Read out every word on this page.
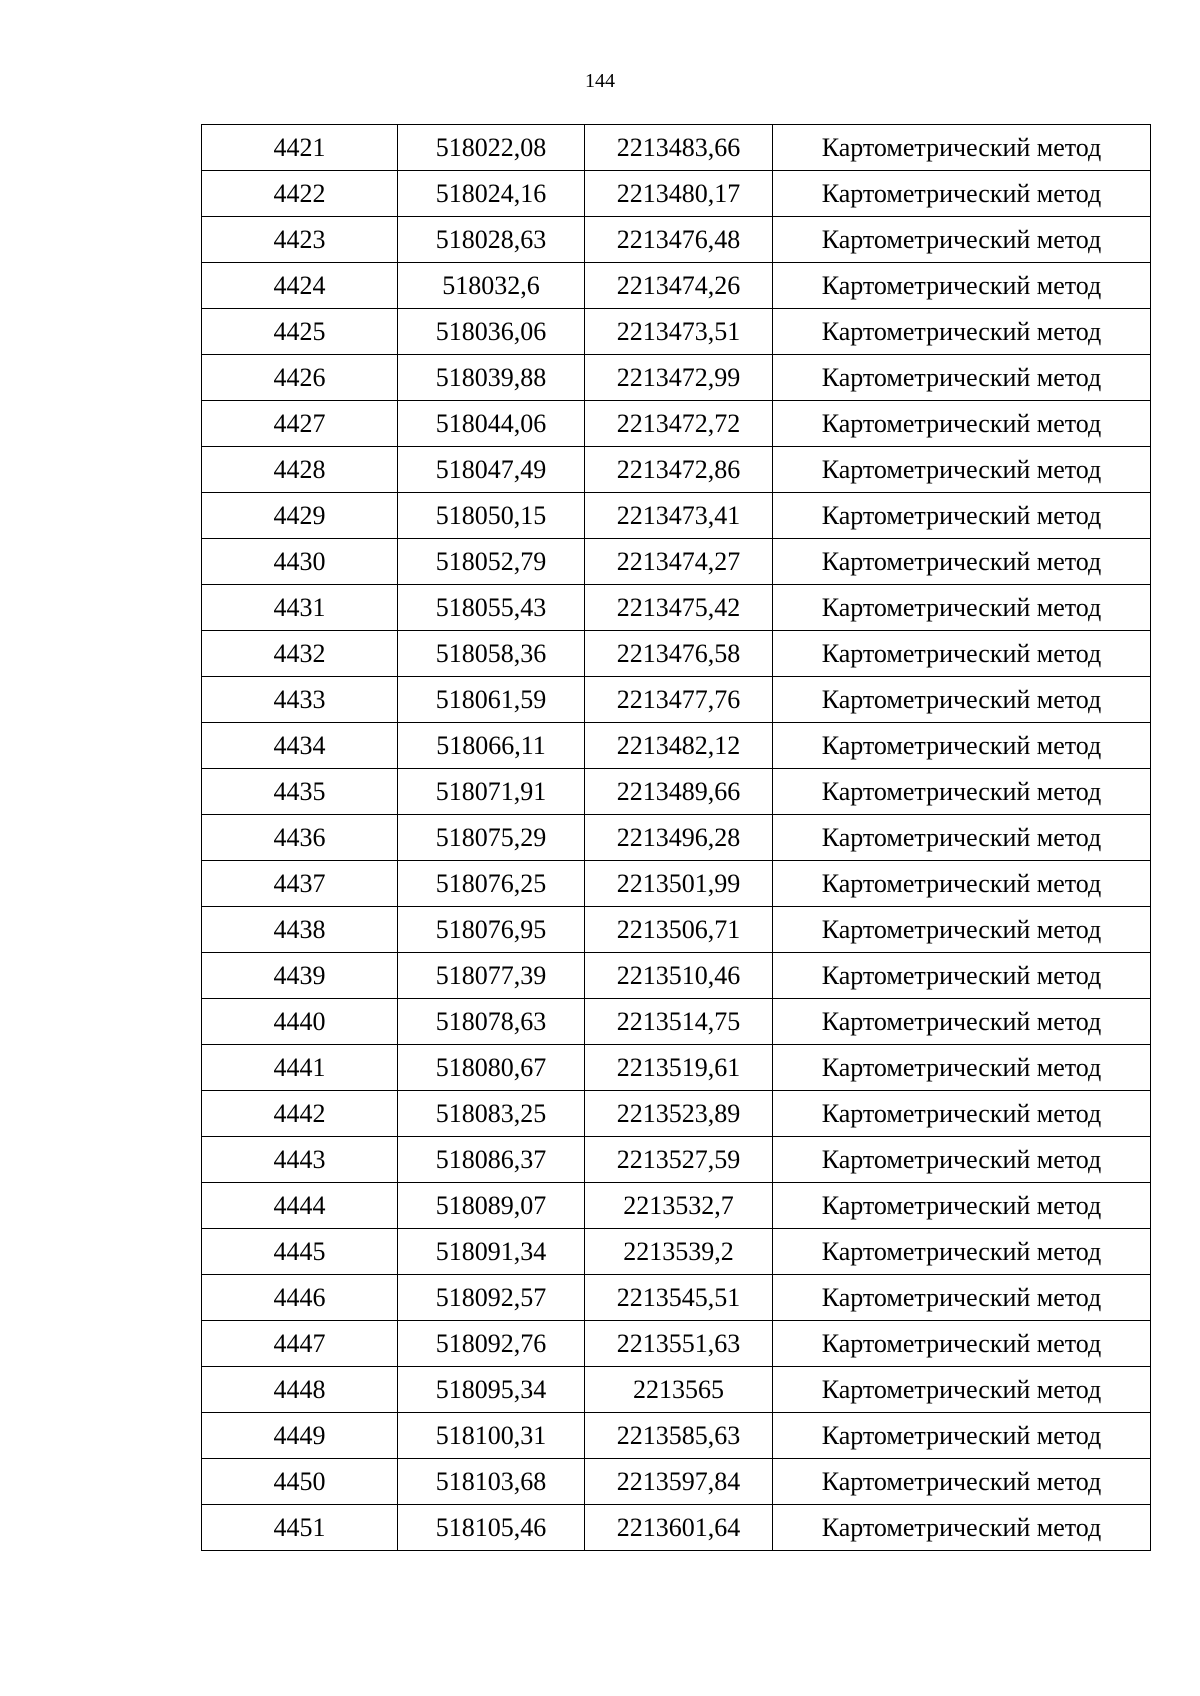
144
4421	518022,08	2213483,66	Картометрический метод
4422	518024,16	2213480,17	Картометрический метод
4423	518028,63	2213476,48	Картометрический метод
4424	518032,6	2213474,26	Картометрический метод
4425	518036,06	2213473,51	Картометрический метод
4426	518039,88	2213472,99	Картометрический метод
4427	518044,06	2213472,72	Картометрический метод
4428	518047,49	2213472,86	Картометрический метод
4429	518050,15	2213473,41	Картометрический метод
4430	518052,79	2213474,27	Картометрический метод
4431	518055,43	2213475,42	Картометрический метод
4432	518058,36	2213476,58	Картометрический метод
4433	518061,59	2213477,76	Картометрический метод
4434	518066,11	2213482,12	Картометрический метод
4435	518071,91	2213489,66	Картометрический метод
4436	518075,29	2213496,28	Картометрический метод
4437	518076,25	2213501,99	Картометрический метод
4438	518076,95	2213506,71	Картометрический метод
4439	518077,39	2213510,46	Картометрический метод
4440	518078,63	2213514,75	Картометрический метод
4441	518080,67	2213519,61	Картометрический метод
4442	518083,25	2213523,89	Картометрический метод
4443	518086,37	2213527,59	Картометрический метод
4444	518089,07	2213532,7	Картометрический метод
4445	518091,34	2213539,2	Картометрический метод
4446	518092,57	2213545,51	Картометрический метод
4447	518092,76	2213551,63	Картометрический метод
4448	518095,34	2213565	Картометрический метод
4449	518100,31	2213585,63	Картометрический метод
4450	518103,68	2213597,84	Картометрический метод
4451	518105,46	2213601,64	Картометрический метод
